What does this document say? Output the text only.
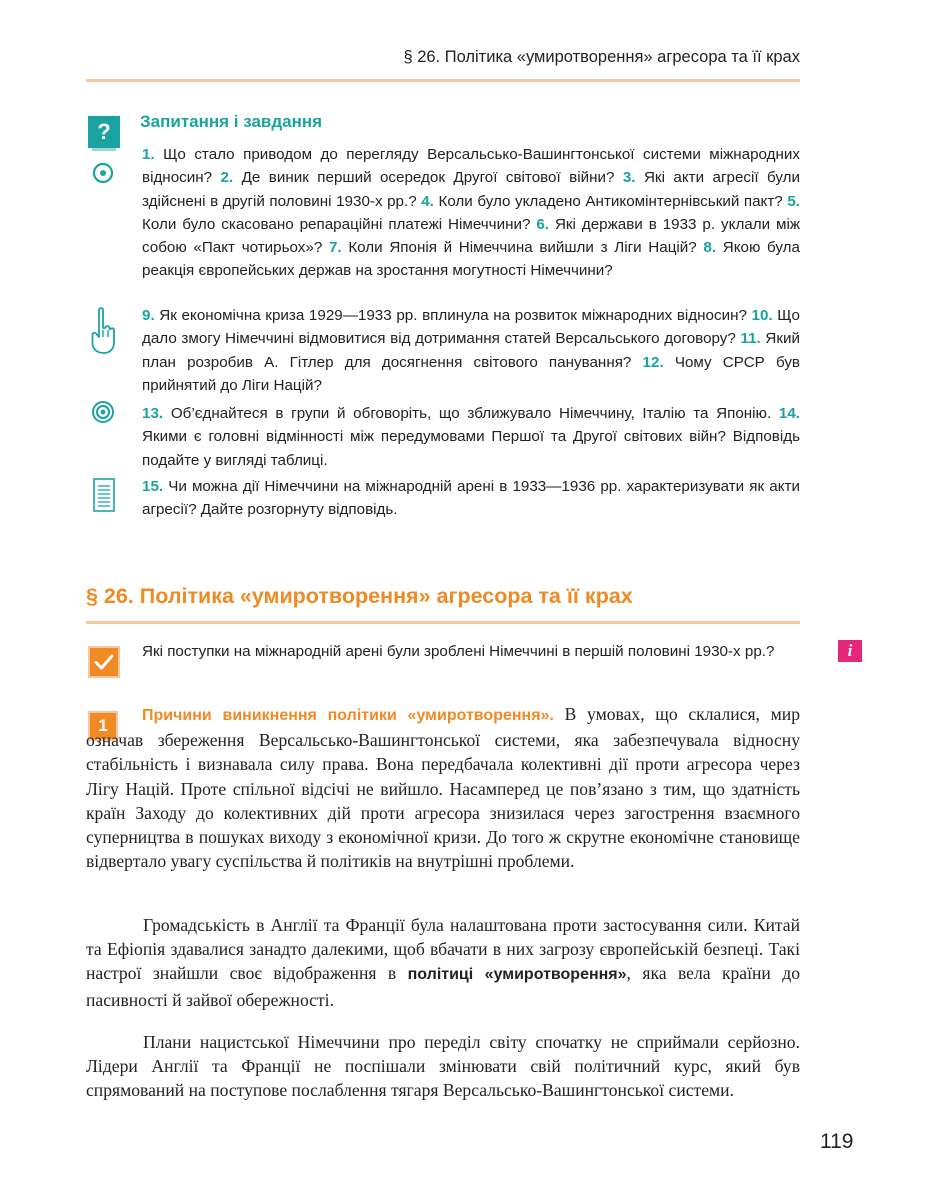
§ 26. Політика «умиротворення» агресора та її крах
?	Запитання і завдання
1. Що стало приводом до перегляду Версальсько-Вашингтонської системи міжнародних відносин? 2. Де виник перший осередок Другої світової війни? 3. Які акти агресії були здійснені в другій половині 1930-х рр.? 4. Коли було укладено Антикомінтернівський пакт? 5. Коли було скасовано репараційні платежі Німеччини? 6. Які держави в 1933 р. уклали між собою «Пакт чотирьох»? 7. Коли Японія й Німеччина вийшли з Ліги Націй? 8. Якою була реакція європейських держав на зростання могутності Німеччини?
9. Як економічна криза 1929—1933 рр. вплинула на розвиток міжнародних відносин? 10. Що дало змогу Німеччині відмовитися від дотримання статей Версальського договору? 11. Який план розробив А. Гітлер для досягнення світового панування? 12. Чому СРСР був прийнятий до Ліги Націй?
13. Об’єднайтеся в групи й обговоріть, що зближувало Німеччину, Італію та Японію. 14. Якими є головні відмінності між передумовами Першої та Другої світових війн? Відповідь подайте у вигляді таблиці.
15. Чи можна дії Німеччини на міжнародній арені в 1933—1936 рр. характеризувати як акти агресії? Дайте розгорнуту відповідь.
§ 26. Політика «умиротворення» агресора та її крах
Які поступки на міжнародній арені були зроблені Німеччині в першій половині 1930-х рр.?	i
1
Причини виникнення політики «умиротворення». В умовах, що склалися, мир означав збереження Версальсько-Вашингтонської системи, яка забезпечувала відносну стабільність і визнавала силу права. Вона передбачала колективні дії проти агресора через Лігу Націй. Проте спільної відсічі не вийшло. Насамперед це пов’язано з тим, що здатність країн Заходу до колективних дій проти агресора знизилася через загострення взаємного суперництва в пошуках виходу з економічної кризи. До того ж скрутне економічне становище відвертало увагу суспільства й політиків на внутрішні проблеми.
Громадськість в Англії та Франції була налаштована проти застосування сили. Китай та Ефіопія здавалися занадто далекими, щоб вбачати в них загрозу європейській безпеці. Такі настрої знайшли своє відображення в політиці «умиротворення», яка вела країни до пасивності й зайвої обережності.
Плани нацистської Німеччини про переділ світу спочатку не сприймали серйозно. Лідери Англії та Франції не поспішали змінювати свій політичний курс, який був спрямований на поступове послаблення тягаря Версальсько-Вашингтонської системи.
119
